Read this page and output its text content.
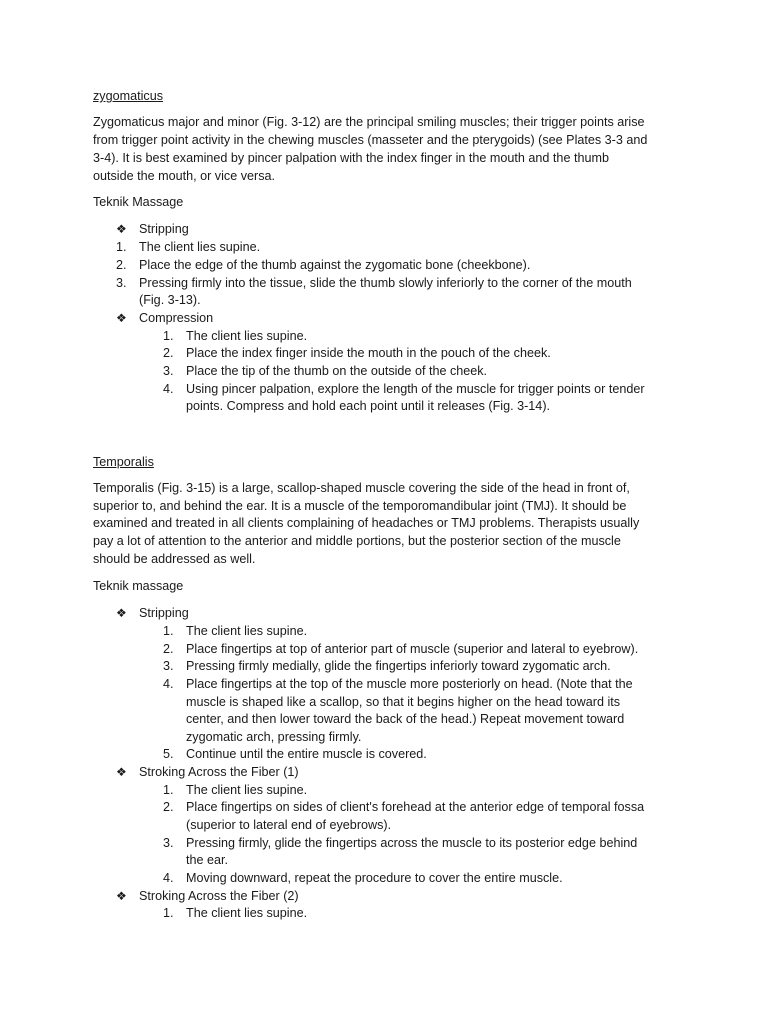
zygomaticus
Zygomaticus major and minor (Fig. 3-12) are the principal smiling muscles; their trigger points arise
from trigger point activity in the chewing muscles (masseter and the pterygoids) (see Plates 3-3 and
3-4). It is best examined by pincer palpation with the index finger in the mouth and the thumb
outside the mouth, or vice versa.
Teknik Massage
❖ Stripping
1. The client lies supine.
2. Place the edge of the thumb against the zygomatic bone (cheekbone).
3. Pressing firmly into the tissue, slide the thumb slowly inferiorly to the corner of the mouth
(Fig. 3-13).
❖ Compression
1. The client lies supine.
2. Place the index finger inside the mouth in the pouch of the cheek.
3. Place the tip of the thumb on the outside of the cheek.
4. Using pincer palpation, explore the length of the muscle for trigger points or tender
points. Compress and hold each point until it releases (Fig. 3-14).
Temporalis
Temporalis (Fig. 3-15) is a large, scallop-shaped muscle covering the side of the head in front of,
superior to, and behind the ear. It is a muscle of the temporomandibular joint (TMJ). It should be
examined and treated in all clients complaining of headaches or TMJ problems. Therapists usually
pay a lot of attention to the anterior and middle portions, but the posterior section of the muscle
should be addressed as well.
Teknik massage
❖ Stripping
1. The client lies supine.
2. Place fingertips at top of anterior part of muscle (superior and lateral to eyebrow).
3. Pressing firmly medially, glide the fingertips inferiorly toward zygomatic arch.
4. Place fingertips at the top of the muscle more posteriorly on head. (Note that the
muscle is shaped like a scallop, so that it begins higher on the head toward its
center, and then lower toward the back of the head.) Repeat movement toward
zygomatic arch, pressing firmly.
5. Continue until the entire muscle is covered.
❖ Stroking Across the Fiber (1)
1. The client lies supine.
2. Place fingertips on sides of client's forehead at the anterior edge of temporal fossa
(superior to lateral end of eyebrows).
3. Pressing firmly, glide the fingertips across the muscle to its posterior edge behind
the ear.
4. Moving downward, repeat the procedure to cover the entire muscle.
❖ Stroking Across the Fiber (2)
1. The client lies supine.
